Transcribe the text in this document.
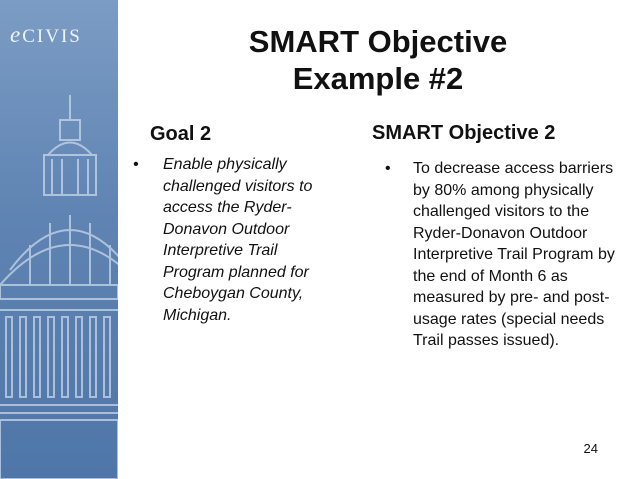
eCIVIS	SMART Objective
Example #2
Goal 2
• Enable physically challenged visitors to access the Ryder-Donavon Outdoor Interpretive Trail Program planned for Cheboygan County, Michigan.
SMART Objective 2
• To decrease access barriers by 80% among physically challenged visitors to the Ryder-Donavon Outdoor Interpretive Trail Program by the end of Month 6 as measured by pre- and post-usage rates (special needs Trail passes issued).
24
